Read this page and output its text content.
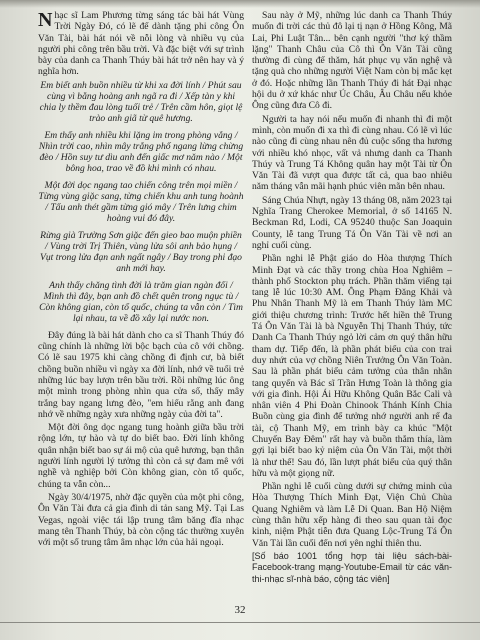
Nhạc sĩ Lam Phương từng sáng tác bài hát Vùng Trời Ngày Đó, có lẽ để dành tặng phi công Ôn Văn Tài, bài hát nói về nỗi lòng và nhiều vụ của người phi công trên bầu trời. Và đặc biệt với sự trình bày của danh ca Thanh Thúy bài hát trở nên hay và ý nghĩa hơn.

Em biết anh buồn nhiều từ khi xa đời lính / Phút sau cùng vì bằng hoàng anh ngã ra đi / Xếp tàn y khi chia ly thềm đau lòng tuổi trẻ / Trên cầm hôn, giọt lệ trào anh giã từ quê hương.

Em thấy anh nhiều khi lặng im trong phòng vắng / Nhìn trời cao, nhìn mây trắng phố ngang lừng chừng đèo / Hồn suy tư dìu anh đến giấc mơ năm nào / Một bông hoa, trao về đồ khi mình có nhau.

Một đời dọc ngang tao chiến công trên mọi miền / Từng vùng giặc sang, từng chiến khu anh tung hoành / Tấu anh thét gầm từng gió mây / Trên lưng chim hoàng vui đó đây.

Rừng già Trường Sơn giặc đến gieo bao muộn phiền / Vùng trời Trị Thiên, vùng lửa sôi anh bảo hụng / Vụt trong lửa đạn anh ngất ngây / Bay trong phi đạo anh mới hay.

Anh thấy chăng tình đời là trăm gian ngàn đối / Mình thì đây, bạn anh đồ chết quên trong ngục tù / Còn không gian, còn tổ quốc, chúng ta vẫn còn / Tìm lại nhau, ta về đồ xây lại nước non.

Đây đúng là bài hát dành cho ca sĩ Thanh Thúy đó cũng chính là những lời bộc bạch của cô với chồng. Có lẽ sau 1975 khi càng chồng đi định cư, bà biết chồng buồn nhiều vì ngày xa đời lính, nhớ về tuổi trẻ những lúc bay lượn trên bầu trời. Rồi những lúc ông một mình trong phòng nhìn qua cửa sổ, thấy mây trắng bay ngang lưng đèo, "em hiểu rằng anh đang nhớ về những ngày xưa những ngày của đời ta".

Một đời ông dọc ngang tung hoành giữa bầu trời rộng lớn, tự hào và tự do biết bao. Đời lính không quân nhận biết bao sự ái mộ của quê hương, bạn thân người lính người lý tưởng thì còn cả sự đam mê với nghề và nghiệp bởi Còn không gian, còn tổ quốc, chúng ta vẫn còn...

Ngày 30/4/1975, nhờ đặc quyền của một phi công, Ôn Văn Tài đưa cả gia đình di tản sang Mỹ. Tại Las Vegas, ngoài việc tái lập trung tâm băng đĩa nhạc mang tên Thanh Thúy, bà còn cộng tác thường xuyên với một số trung tâm âm nhạc lớn của hải ngoại.

Sau này ở Mỹ, những lúc danh ca Thanh Thúy muốn đi trời các thủ đô lại tị nạn ở Hồng Kông, Mã Lai, Phi Luật Tân... bên cạnh người "thơ ký thầm lặng" Thanh Châu của Cô thì Ôn Văn Tài cũng thường đi cùng để thăm, hát phục vụ văn nghệ và tặng quà cho những người Việt Nam còn bị mắc kẹt ở đó. Hoặc những lần Thanh Thúy đi hát Đại nhạc hội du ở xứ khác như Úc Châu, Âu Châu nếu khỏe Ông cũng đưa Cô đi.

Người ta hay nói nếu muốn đi nhanh thì đi một mình, còn muốn đi xa thì đi cùng nhau. Có lẽ vì lúc nào cũng đi cùng nhau nên đủ cuộc sống tha hương với nhiều khó nhọc, vất vả nhưng danh ca Thanh Thúy và Trung Tá Không quân hay một Tài từ Ôn Văn Tài đã vượt qua được tất cả, qua bao nhiêu năm tháng vẫn mãi hạnh phúc viên mãn bên nhau.

Sáng Chúa Nhựt, ngày 13 tháng 08, năm 2023 tại Nghĩa Trang Cherokee Memorial, ở số 14165 N. Beckman Rd, Lodi, CA 95240 thuộc San Joaquin County, lễ tang Trung Tá Ôn Văn Tài về nơi an nghỉ cuối cùng.

Phần nghi lễ Phật giáo do Hòa thượng Thích Minh Đạt và các thầy trong chùa Hoa Nghiêm – thành phố Stockton phụ trách. Phần thăm viếng tại tang lễ lúc 10:30 AM. Ông Phạm Đăng Khải và Phu Nhân Thanh Mỹ là em Thanh Thúy làm MC giới thiệu chương trình: Trước hết hiền thê Trung Tá Ôn Văn Tài là bà Nguyễn Thị Thanh Thúy, tức Danh Ca Thanh Thúy ngỏ lời cảm ơn quý thân hữu tham dự. Tiếp đến, là phần phát biểu của con trai duy nhứt của vợ chồng Niên Trưởng Ôn Văn Toàn. Sau là phần phát biểu cảm tưởng của thân nhân tang quyến và Bác sĩ Trần Hưng Toàn là thông gia với gia đình. Hội Ái Hữu Không Quân Bắc Cali và nhân viên 4 Phi Đoàn Chinook Thánh Kính Chia Buồn cùng gia đình để tưởng nhớ người anh rể đa tài, cộ Thanh Mỹ, em trình bày ca khúc "Một Chuyến Bay Đêm" rất hay và buồn thắm thía, làm gợi lại biết bao kỷ niệm của Ôn Văn Tài, một thời là như thế! Sau đó, lần lượt phát biểu của quý thân hữu và một giọng nữ.

Phần nghi lễ cuối cùng dưới sự chứng minh của Hòa Thượng Thích Minh Đạt, Viện Chủ Chùa Quang Nghiêm và làm Lễ Di Quan. Ban Hộ Niệm cùng thân hữu xếp hàng đi theo sau quan tài đọc kinh, niệm Phật tiễn đưa Quang Lộc-Trung Tá Ôn Văn Tài lần cuối đến nơi yên nghỉ thiên thu.

[Số báo 1001 tổng hợp tài liệu sách-bài-Facebook-trang mạng-Youtube-Email từ các văn-thi-nhạc sĩ-nhà báo, cộng tác viên]

32
